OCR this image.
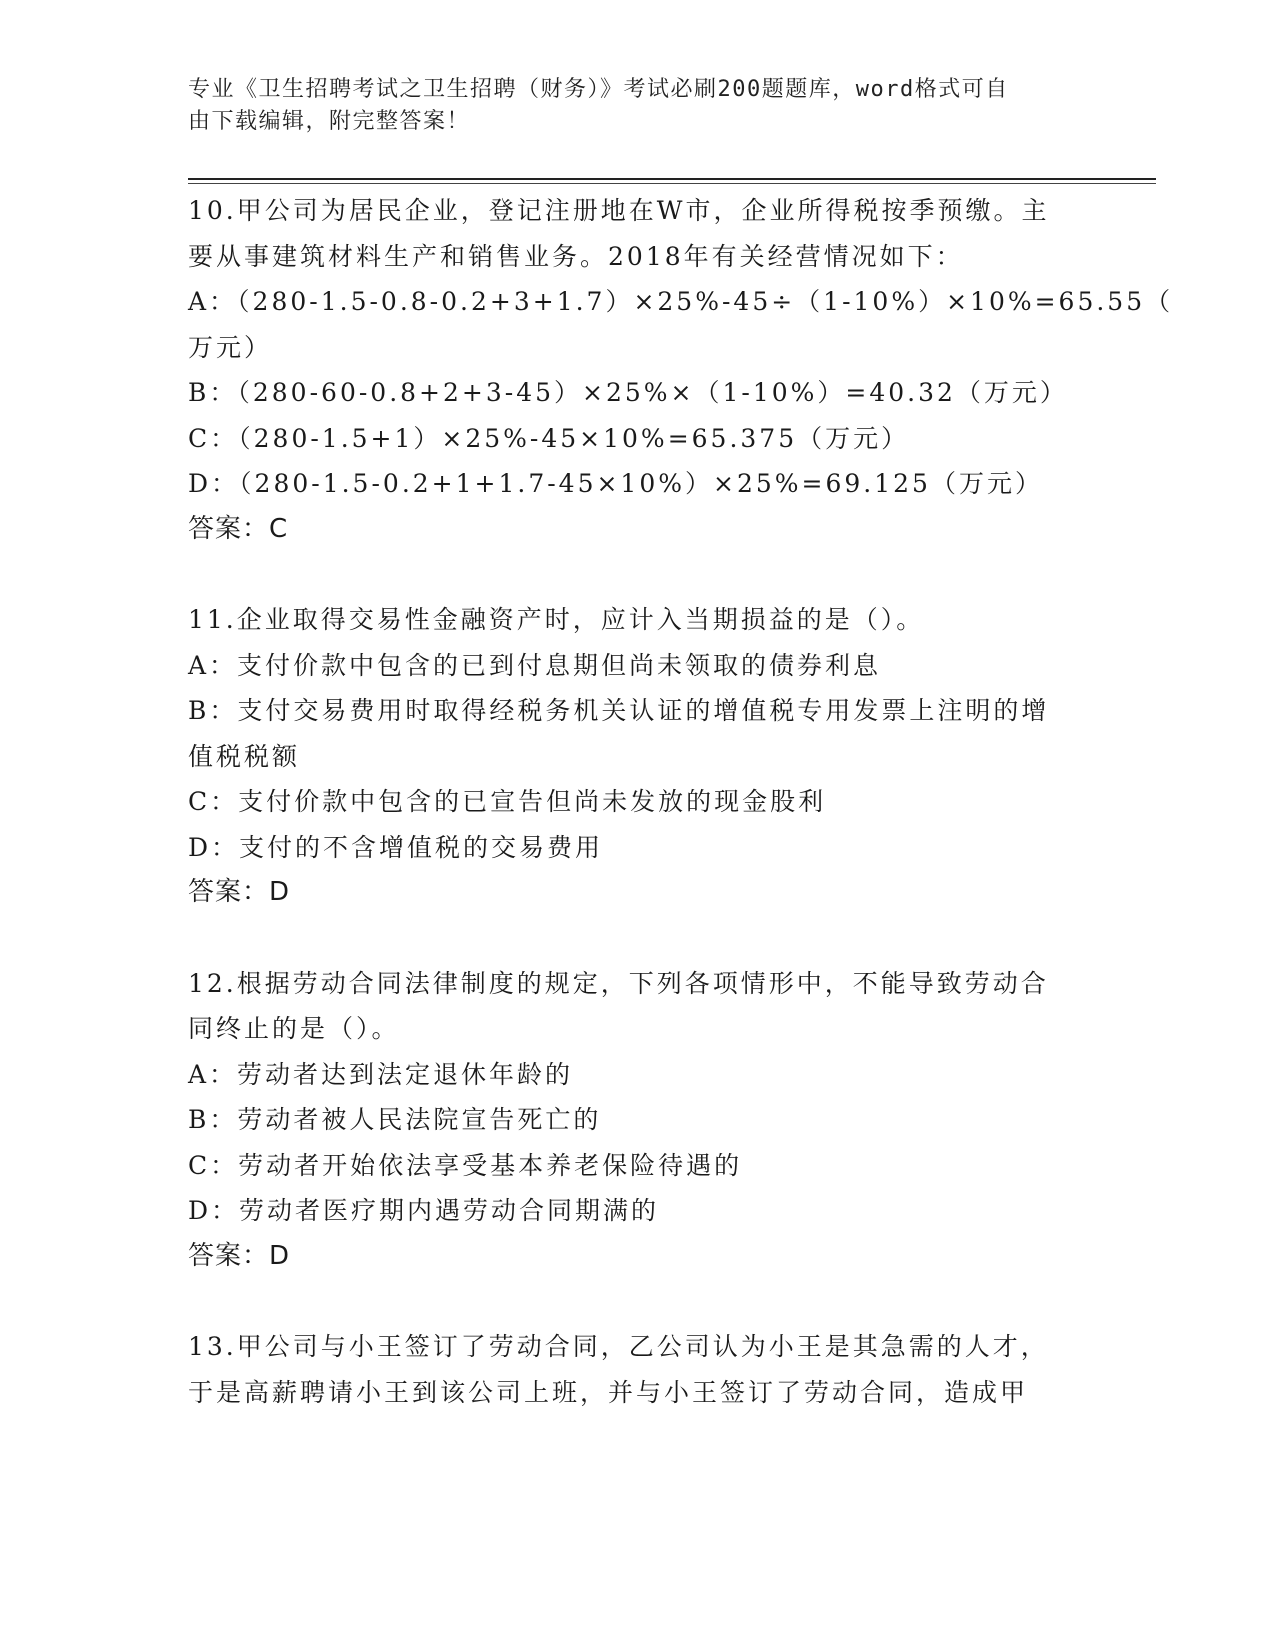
专业《卫生招聘考试之卫生招聘（财务）》考试必刷200题题库，word格式可自
由下载编辑，附完整答案！
10.甲公司为居民企业，登记注册地在W市，企业所得税按季预缴。主
要从事建筑材料生产和销售业务。2018年有关经营情况如下：
A：（280-1.5-0.8-0.2+3+1.7）×25%-45÷（1-10%）×10%=65.55（
万元）
B：（280-60-0.8+2+3-45）×25%×（1-10%）=40.32（万元）
C：（280-1.5+1）×25%-45×10%=65.375（万元）
D：（280-1.5-0.2+1+1.7-45×10%）×25%=69.125（万元）
答案：C
11.企业取得交易性金融资产时，应计入当期损益的是（）。
A：支付价款中包含的已到付息期但尚未领取的债券利息
B：支付交易费用时取得经税务机关认证的增值税专用发票上注明的增
值税税额
C：支付价款中包含的已宣告但尚未发放的现金股利
D：支付的不含增值税的交易费用
答案：D
12.根据劳动合同法律制度的规定，下列各项情形中，不能导致劳动合
同终止的是（）。
A：劳动者达到法定退休年龄的
B：劳动者被人民法院宣告死亡的
C：劳动者开始依法享受基本养老保险待遇的
D：劳动者医疗期内遇劳动合同期满的
答案：D
13.甲公司与小王签订了劳动合同，乙公司认为小王是其急需的人才，
于是高薪聘请小王到该公司上班，并与小王签订了劳动合同，造成甲
